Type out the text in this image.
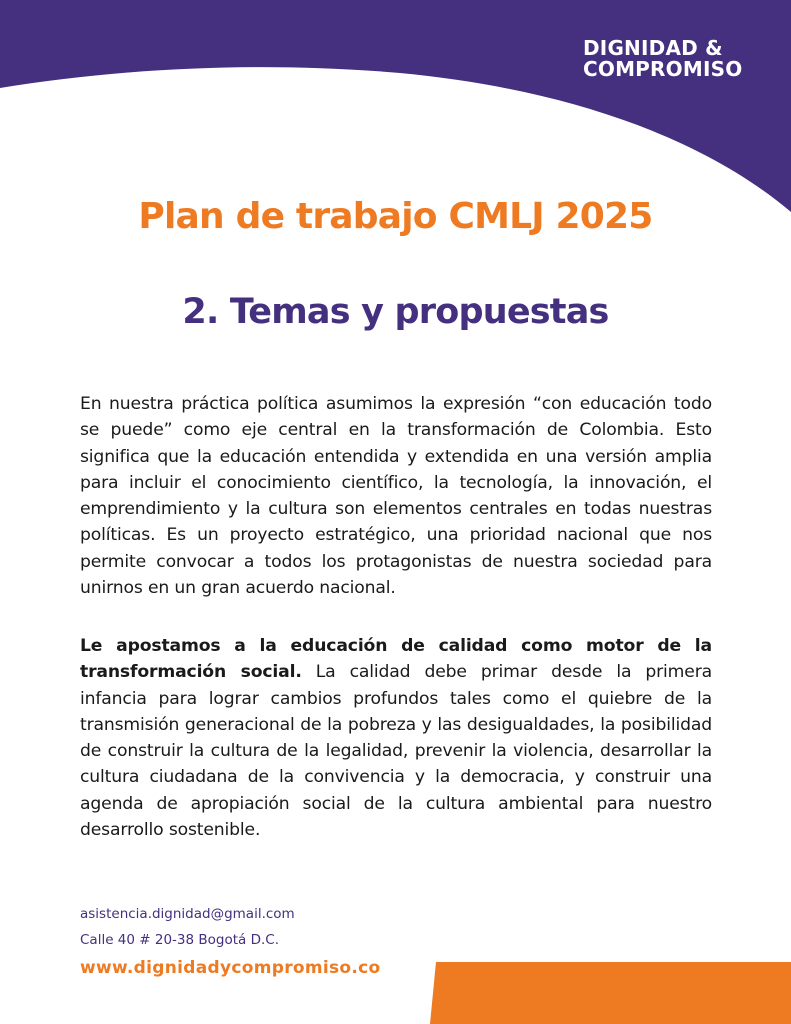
DIGNIDAD &
COMPROMISO
Plan de trabajo CMLJ 2025
2. Temas y propuestas

En nuestra práctica política asumimos la expresión “con educación todo se puede” como eje central en la transformación de Colombia. Esto significa que la educación entendida y extendida en una versión amplia para incluir el conocimiento científico, la tecnología, la innovación, el emprendimiento y la cultura son elementos centrales en todas nuestras políticas. Es un proyecto estratégico, una prioridad nacional que nos permite convocar a todos los protagonistas de nuestra sociedad para unirnos en un gran acuerdo nacional.

Le apostamos a la educación de calidad como motor de la transformación social. La calidad debe primar desde la primera infancia para lograr cambios profundos tales como el quiebre de la transmisión generacional de la pobreza y las desigualdades, la posibilidad de construir la cultura de la legalidad, prevenir la violencia, desarrollar la cultura ciudadana de la convivencia y la democracia, y construir una agenda de apropiación social de la cultura ambiental para nuestro desarrollo sostenible.

asistencia.dignidad@gmail.com

Calle 40 # 20-38 Bogotá D.C.

www.dignidadycompromiso.co
